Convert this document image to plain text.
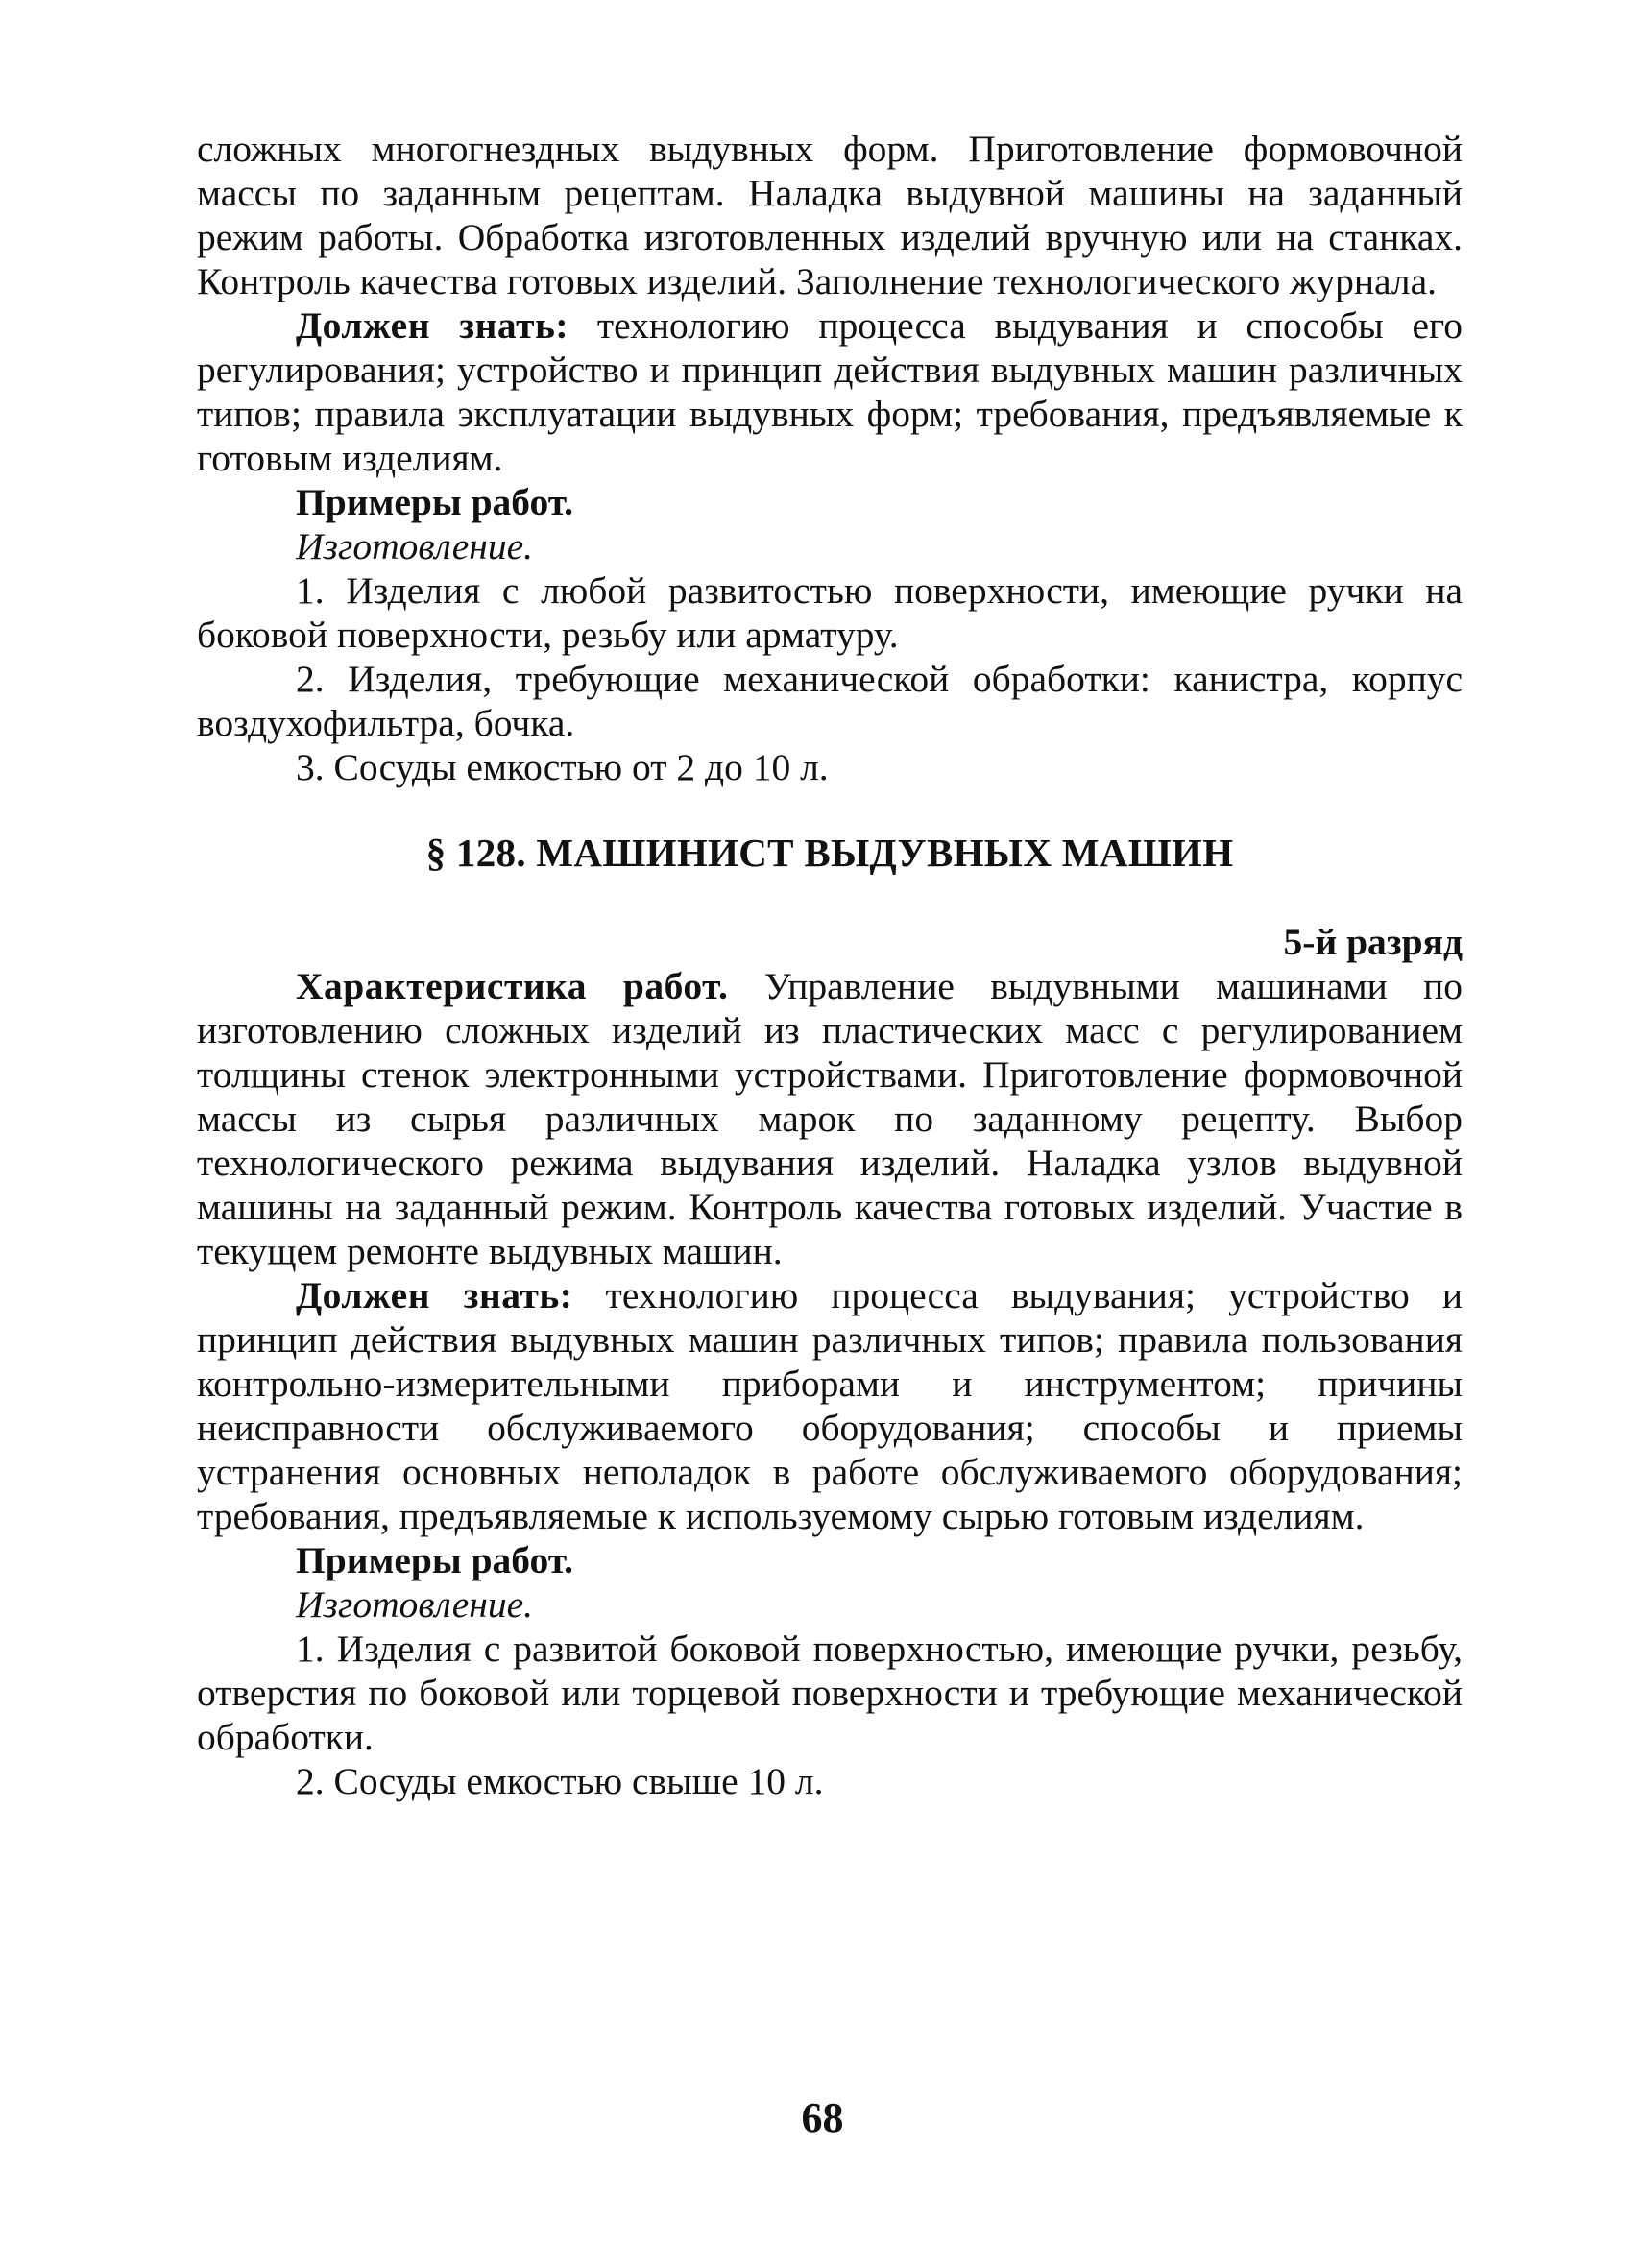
сложных многогнездных выдувных форм. Приготовление формовочной массы по заданным рецептам. Наладка выдувной машины на заданный режим работы. Обработка изготовленных изделий вручную или на станках. Контроль качества готовых изделий. Заполнение технологического журнала.

Должен знать: технологию процесса выдувания и способы его регулирования; устройство и принцип действия выдувных машин различных типов; правила эксплуатации выдувных форм; требования, предъявляемые к готовым изделиям.

Примеры работ.

Изготовление.

1. Изделия с любой развитостью поверхности, имеющие ручки на боковой поверхности, резьбу или арматуру.

2. Изделия, требующие механической обработки: канистра, корпус воздухофильтра, бочка.

3. Сосуды емкостью от 2 до 10 л.

§ 128. МАШИНИСТ ВЫДУВНЫХ МАШИН

5-й разряд

Характеристика работ. Управление выдувными машинами по изготовлению сложных изделий из пластических масс с регулированием толщины стенок электронными устройствами. Приготовление формовочной массы из сырья различных марок по заданному рецепту. Выбор технологического режима выдувания изделий. Наладка узлов выдувной машины на заданный режим. Контроль качества готовых изделий. Участие в текущем ремонте выдувных машин.

Должен знать: технологию процесса выдувания; устройство и принцип действия выдувных машин различных типов; правила пользования контрольно-измерительными приборами и инструментом; причины неисправности обслуживаемого оборудования; способы и приемы устранения основных неполадок в работе обслуживаемого оборудования; требования, предъявляемые к используемому сырью готовым изделиям.

Примеры работ.

Изготовление.

1. Изделия с развитой боковой поверхностью, имеющие ручки, резьбу, отверстия по боковой или торцевой поверхности и требующие механической обработки.

2. Сосуды емкостью свыше 10 л.

68
